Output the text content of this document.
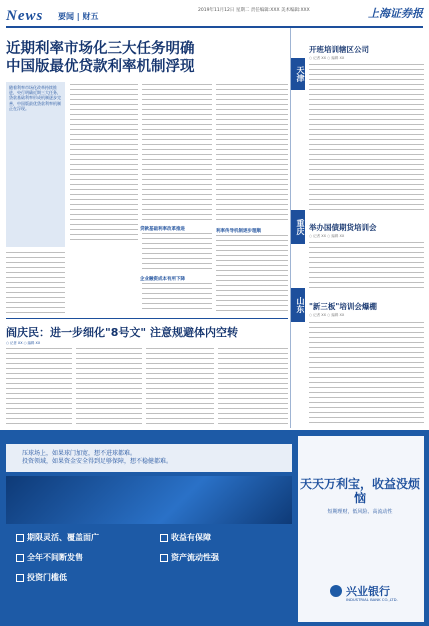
News 要闻 | 财五
2019年11月12日 星期二 责任编辑:XXX 美术编辑:XXX	上海证券报
近期利率市场化三大任务明确
中国版最优贷款利率机制浮现
随着利率市场化改革持续推进，央行明确近期三大任务，贷款基础利率形成机制逐步完善，中国版最优贷款利率机制正在浮现。
贷款基础利率改革推进	利率传导机制逐步理顺
企业融资成本有所下降
阎庆民：进一步细化"8号文" 注意规避体内空转
○ 记者 XX ○ 编辑 XX
天津
开班培训辖区公司
○ 记者 XX ○ 编辑 XX
重庆 举办国债期货培训会
○ 记者 XX ○ 编辑 XX
山东 "新三板"培训会爆棚
○ 记者 XX ○ 编辑 XX
压球场上，如果球门加宽，想不进球都难。
投资领域，如果资金安全得到足够保障，想不稳健都难。
期限灵活、覆盖面广
全年不间断发售
投资门槛低
收益有保障
资产流动性强
天天万利宝，收益没烦恼
短期理财，低风险、高流动性
兴业银行
INDUSTRIAL BANK CO.,LTD.
